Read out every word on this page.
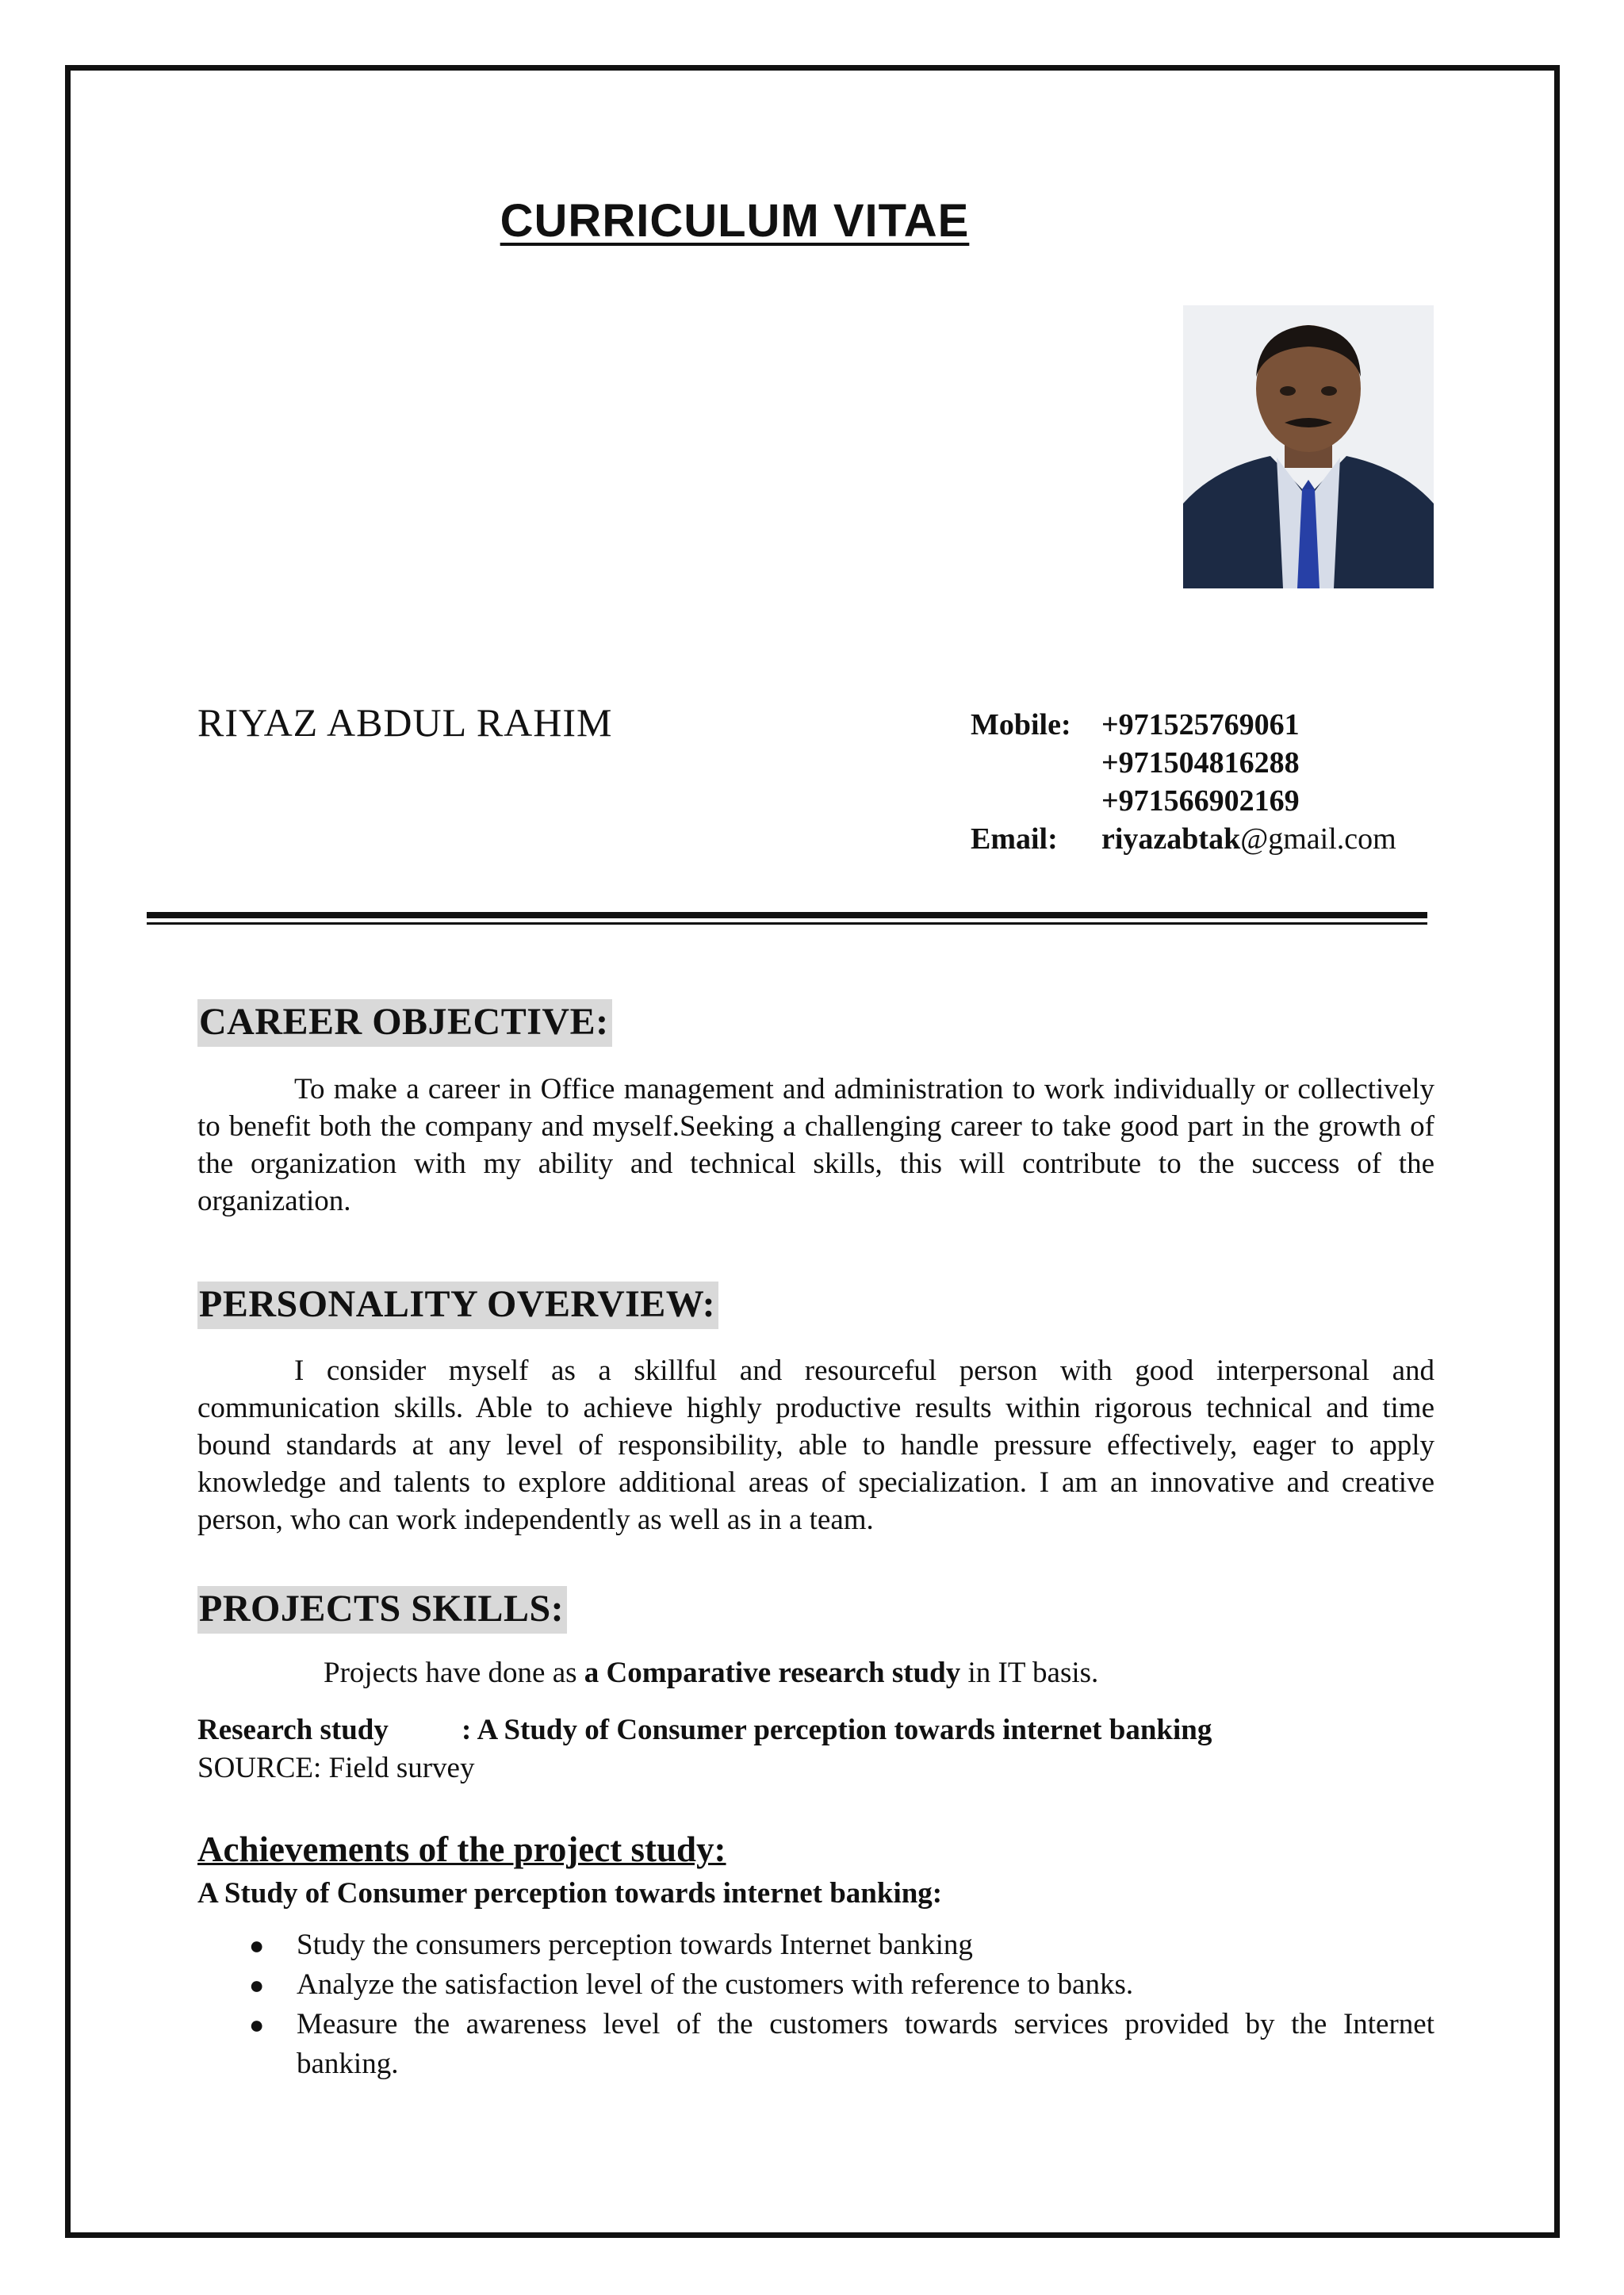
CURRICULUM VITAE
RIYAZ ABDUL RAHIM	Mobile:	+971525769061
+971504816288
+971566902169
Email:	riyazabtak@gmail.com
CAREER OBJECTIVE:
To make a career in Office management and administration to work individually or collectively to benefit both the company and myself.Seeking a challenging career to take good part in the growth of the organization with my ability and technical skills, this will contribute to the success of the organization.
PERSONALITY OVERVIEW:
I consider myself as a skillful and resourceful person with good interpersonal and communication skills. Able to achieve highly productive results within rigorous technical and time bound standards at any level of responsibility, able to handle pressure effectively, eager to apply knowledge and talents to explore additional areas of specialization. I am an innovative and creative person, who can work independently as well as in a team.
PROJECTS SKILLS:
Projects have done as a Comparative research study in IT basis.
Research study : A Study of Consumer perception towards internet banking
SOURCE: Field survey
Achievements of the project study:
A Study of Consumer perception towards internet banking:
● Study the consumers perception towards Internet banking
● Analyze the satisfaction level of the customers with reference to banks.
● Measure the awareness level of the customers towards services provided by the Internet banking.
